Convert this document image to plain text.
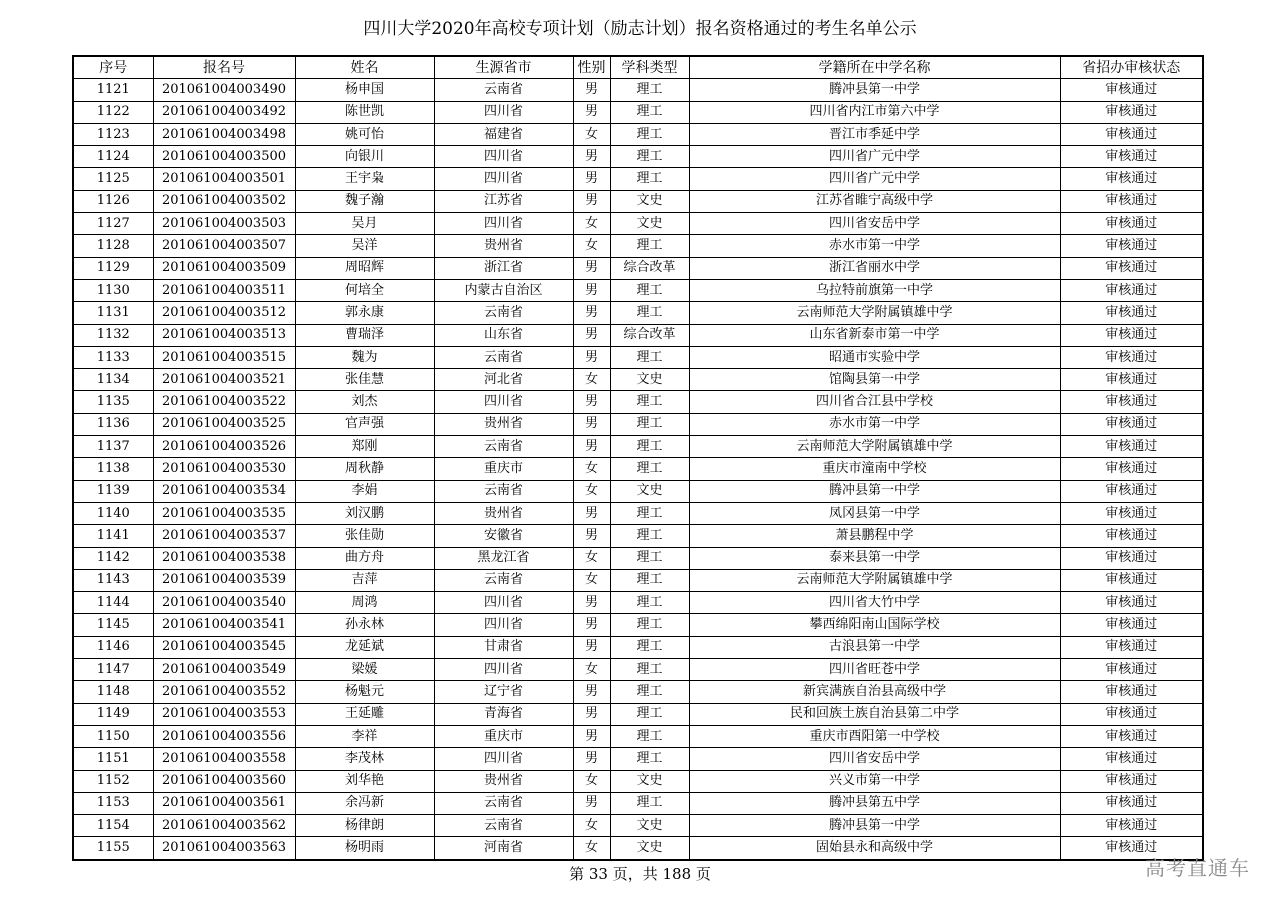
四川大学2020年高校专项计划（励志计划）报名资格通过的考生名单公示
序号	报名号	姓名	生源省市	性别	学科类型	学籍所在中学名称	省招办审核状态
1121	201061004003490	杨申国	云南省	男	理工	腾冲县第一中学	审核通过
1122	201061004003492	陈世凯	四川省	男	理工	四川省内江市第六中学	审核通过
1123	201061004003498	姚可怡	福建省	女	理工	晋江市季延中学	审核通过
1124	201061004003500	向银川	四川省	男	理工	四川省广元中学	审核通过
1125	201061004003501	王宇枭	四川省	男	理工	四川省广元中学	审核通过
1126	201061004003502	魏子瀚	江苏省	男	文史	江苏省睢宁高级中学	审核通过
1127	201061004003503	吴月	四川省	女	文史	四川省安岳中学	审核通过
1128	201061004003507	吴洋	贵州省	女	理工	赤水市第一中学	审核通过
1129	201061004003509	周昭辉	浙江省	男	综合改革	浙江省丽水中学	审核通过
1130	201061004003511	何培全	内蒙古自治区	男	理工	乌拉特前旗第一中学	审核通过
1131	201061004003512	郭永康	云南省	男	理工	云南师范大学附属镇雄中学	审核通过
1132	201061004003513	曹瑞泽	山东省	男	综合改革	山东省新泰市第一中学	审核通过
1133	201061004003515	魏为	云南省	男	理工	昭通市实验中学	审核通过
1134	201061004003521	张佳慧	河北省	女	文史	馆陶县第一中学	审核通过
1135	201061004003522	刘杰	四川省	男	理工	四川省合江县中学校	审核通过
1136	201061004003525	官声强	贵州省	男	理工	赤水市第一中学	审核通过
1137	201061004003526	郑刚	云南省	男	理工	云南师范大学附属镇雄中学	审核通过
1138	201061004003530	周秋静	重庆市	女	理工	重庆市潼南中学校	审核通过
1139	201061004003534	李娟	云南省	女	文史	腾冲县第一中学	审核通过
1140	201061004003535	刘汉鹏	贵州省	男	理工	凤冈县第一中学	审核通过
1141	201061004003537	张佳勋	安徽省	男	理工	萧县鹏程中学	审核通过
1142	201061004003538	曲方舟	黑龙江省	女	理工	泰来县第一中学	审核通过
1143	201061004003539	吉萍	云南省	女	理工	云南师范大学附属镇雄中学	审核通过
1144	201061004003540	周鸿	四川省	男	理工	四川省大竹中学	审核通过
1145	201061004003541	孙永林	四川省	男	理工	攀西绵阳南山国际学校	审核通过
1146	201061004003545	龙延斌	甘肃省	男	理工	古浪县第一中学	审核通过
1147	201061004003549	梁媛	四川省	女	理工	四川省旺苍中学	审核通过
1148	201061004003552	杨魁元	辽宁省	男	理工	新宾满族自治县高级中学	审核通过
1149	201061004003553	王延雕	青海省	男	理工	民和回族土族自治县第二中学	审核通过
1150	201061004003556	李祥	重庆市	男	理工	重庆市酉阳第一中学校	审核通过
1151	201061004003558	李茂林	四川省	男	理工	四川省安岳中学	审核通过
1152	201061004003560	刘华艳	贵州省	女	文史	兴义市第一中学	审核通过
1153	201061004003561	余冯新	云南省	男	理工	腾冲县第五中学	审核通过
1154	201061004003562	杨律朗	云南省	女	文史	腾冲县第一中学	审核通过
1155	201061004003563	杨明雨	河南省	女	文史	固始县永和高级中学	审核通过
第 33 页，共 188 页	高考直通车
